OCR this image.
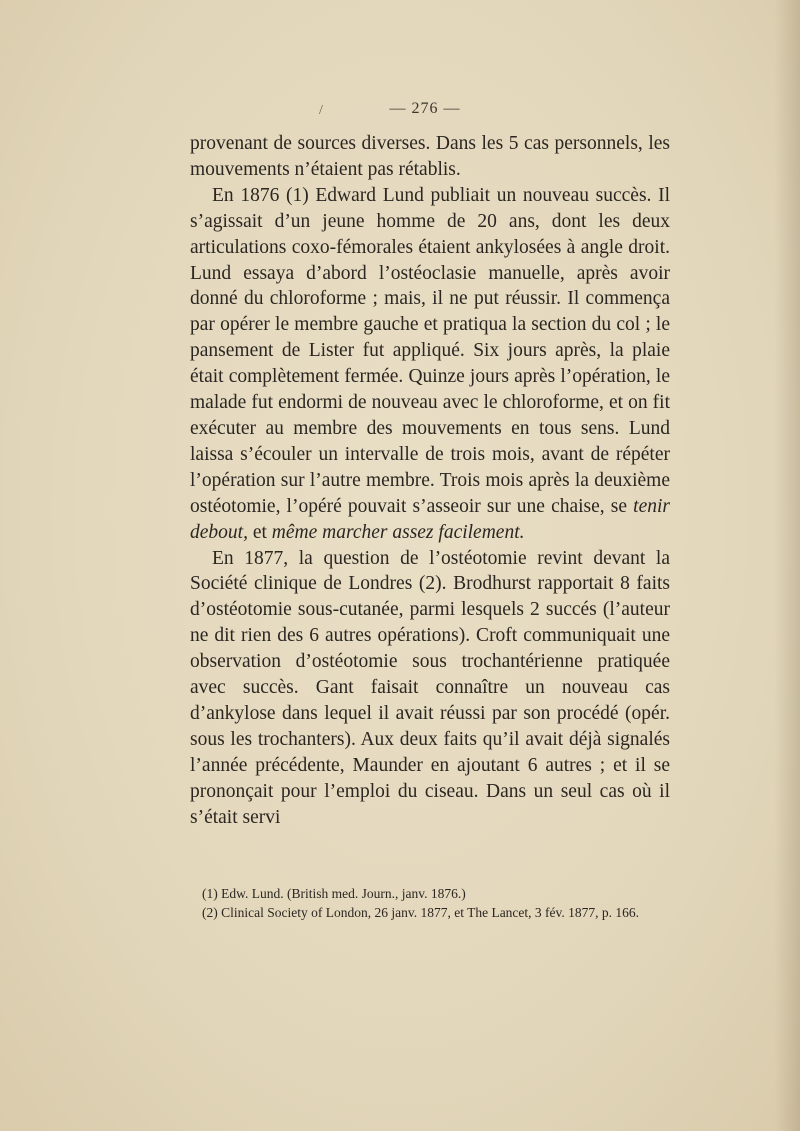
/	— 276 —

provenant de sources diverses. Dans les 5 cas personnels, les mouvements n’étaient pas rétablis.

En 1876 (1) Edward Lund publiait un nouveau succès. Il s’agissait d’un jeune homme de 20 ans, dont les deux articulations coxo-fémorales étaient ankylosées à angle droit. Lund essaya d’abord l’ostéoclasie manuelle, après avoir donné du chloroforme ; mais, il ne put réussir. Il commença par opérer le membre gauche et pratiqua la section du col ; le pansement de Lister fut appliqué. Six jours après, la plaie était complètement fermée. Quinze jours après l’opération, le malade fut endormi de nouveau avec le chloroforme, et on fit exécuter au membre des mouvements en tous sens. Lund laissa s’écouler un intervalle de trois mois, avant de répéter l’opération sur l’autre membre. Trois mois après la deuxième ostéotomie, l’opéré pouvait s’asseoir sur une chaise, se tenir debout, et même marcher assez facilement.

En 1877, la question de l’ostéotomie revint devant la Société clinique de Londres (2). Brodhurst rapportait 8 faits d’ostéotomie sous-cutanée, parmi lesquels 2 succés (l’auteur ne dit rien des 6 autres opérations). Croft communiquait une observation d’ostéotomie sous trochantérienne pratiquée avec succès. Gant faisait connaître un nouveau cas d’ankylose dans lequel il avait réussi par son procédé (opér. sous les trochanters). Aux deux faits qu’il avait déjà signalés l’année précédente, Maunder en ajoutant 6 autres ; et il se prononçait pour l’emploi du ciseau. Dans un seul cas où il s’était servi

(1) Edw. Lund. (British med. Journ., janv. 1876.)

(2) Clinical Society of London, 26 janv. 1877, et The Lancet, 3 fév. 1877, p. 166.
